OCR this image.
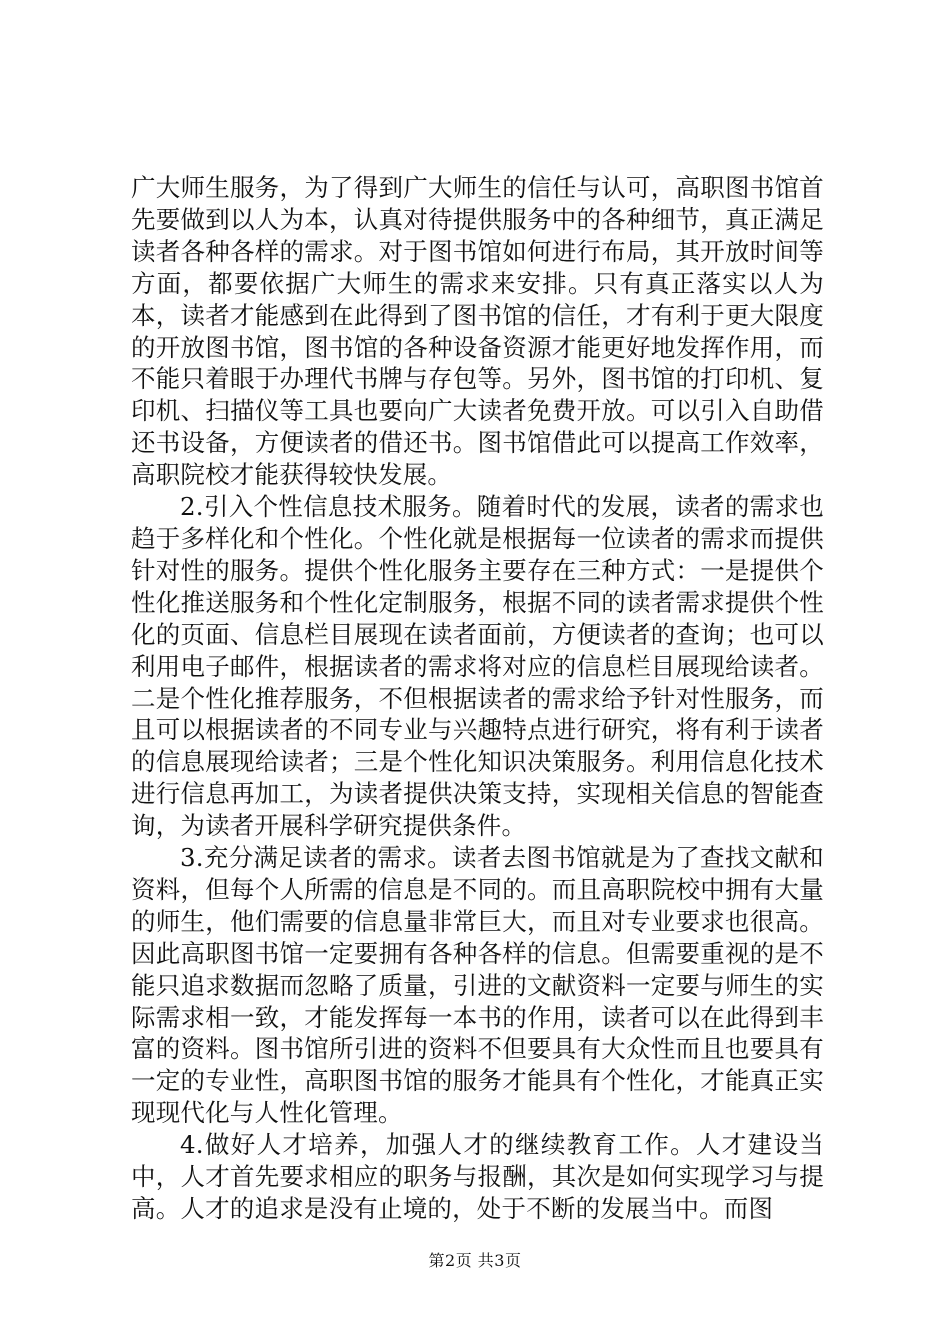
广大师生服务，为了得到广大师生的信任与认可，高职图书馆首先要做到以人为本，认真对待提供服务中的各种细节，真正满足读者各种各样的需求。对于图书馆如何进行布局，其开放时间等方面，都要依据广大师生的需求来安排。只有真正落实以人为本，读者才能感到在此得到了图书馆的信任，才有利于更大限度的开放图书馆，图书馆的各种设备资源才能更好地发挥作用，而不能只着眼于办理代书牌与存包等。另外，图书馆的打印机、复印机、扫描仪等工具也要向广大读者免费开放。可以引入自助借还书设备，方便读者的借还书。图书馆借此可以提高工作效率，高职院校才能获得较快发展。

2.引入个性信息技术服务。随着时代的发展，读者的需求也趋于多样化和个性化。个性化就是根据每一位读者的需求而提供针对性的服务。提供个性化服务主要存在三种方式：一是提供个性化推送服务和个性化定制服务，根据不同的读者需求提供个性化的页面、信息栏目展现在读者面前，方便读者的查询；也可以利用电子邮件，根据读者的需求将对应的信息栏目展现给读者。二是个性化推荐服务，不但根据读者的需求给予针对性服务，而且可以根据读者的不同专业与兴趣特点进行研究，将有利于读者的信息展现给读者；三是个性化知识决策服务。利用信息化技术进行信息再加工，为读者提供决策支持，实现相关信息的智能查询，为读者开展科学研究提供条件。

3.充分满足读者的需求。读者去图书馆就是为了查找文献和资料，但每个人所需的信息是不同的。而且高职院校中拥有大量的师生，他们需要的信息量非常巨大，而且对专业要求也很高。因此高职图书馆一定要拥有各种各样的信息。但需要重视的是不能只追求数据而忽略了质量，引进的文献资料一定要与师生的实际需求相一致，才能发挥每一本书的作用，读者可以在此得到丰富的资料。图书馆所引进的资料不但要具有大众性而且也要具有一定的专业性，高职图书馆的服务才能具有个性化，才能真正实现现代化与人性化管理。

4.做好人才培养，加强人才的继续教育工作。人才建设当中，人才首先要求相应的职务与报酬，其次是如何实现学习与提高。人才的追求是没有止境的，处于不断的发展当中。而图

第2页 共3页
